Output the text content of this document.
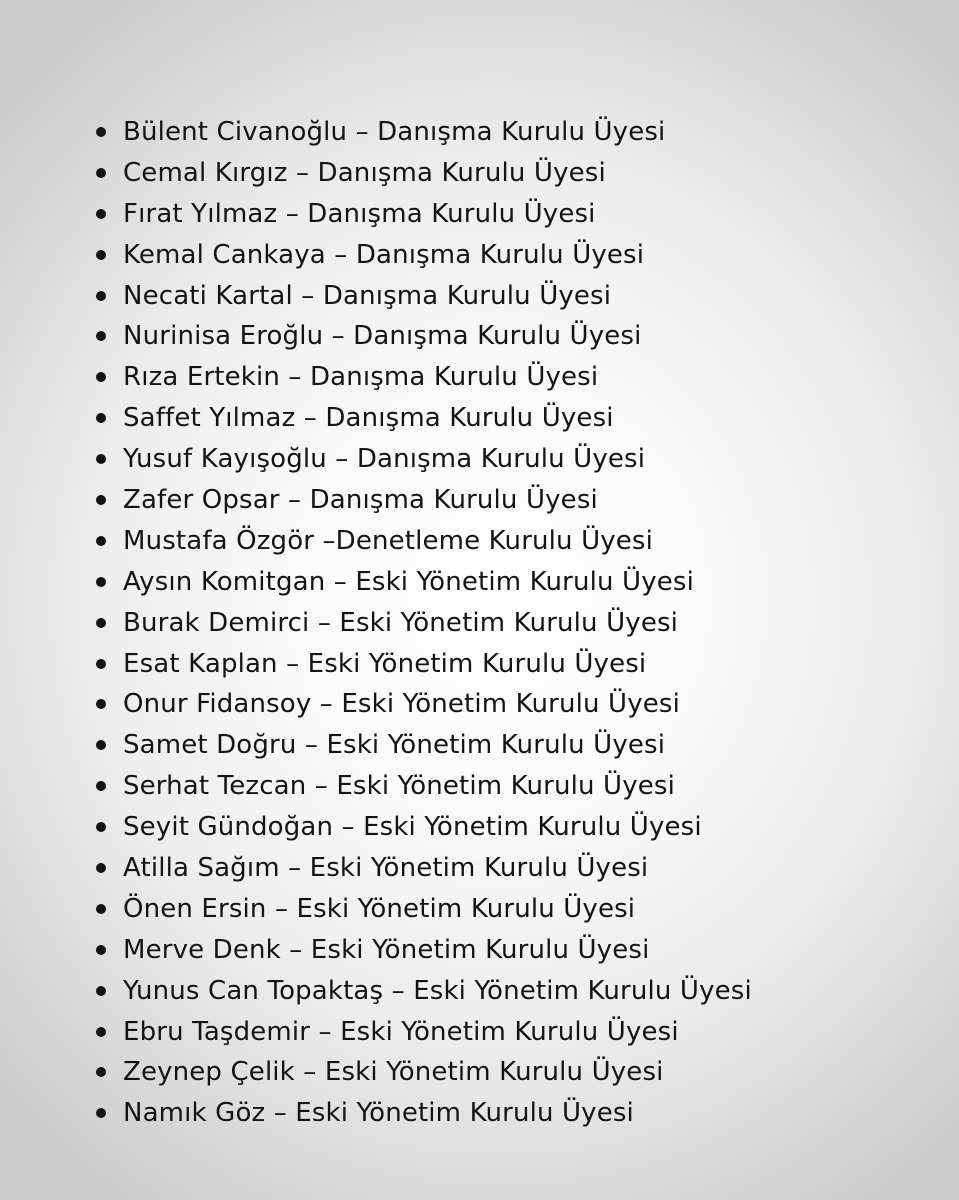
Bülent Civanoğlu – Danışma Kurulu Üyesi
Cemal Kırgız – Danışma Kurulu Üyesi
Fırat Yılmaz – Danışma Kurulu Üyesi
Kemal Cankaya – Danışma Kurulu Üyesi
Necati Kartal – Danışma Kurulu Üyesi
Nurinisa Eroğlu – Danışma Kurulu Üyesi
Rıza Ertekin – Danışma Kurulu Üyesi
Saffet Yılmaz – Danışma Kurulu Üyesi
Yusuf Kayışoğlu – Danışma Kurulu Üyesi
Zafer Opsar – Danışma Kurulu Üyesi
Mustafa Özgör –Denetleme Kurulu Üyesi
Aysın Komitgan – Eski Yönetim Kurulu Üyesi
Burak Demirci – Eski Yönetim Kurulu Üyesi
Esat Kaplan – Eski Yönetim Kurulu Üyesi
Onur Fidansoy – Eski Yönetim Kurulu Üyesi
Samet Doğru – Eski Yönetim Kurulu Üyesi
Serhat Tezcan – Eski Yönetim Kurulu Üyesi
Seyit Gündoğan – Eski Yönetim Kurulu Üyesi
Atilla Sağım – Eski Yönetim Kurulu Üyesi
Önen Ersin – Eski Yönetim Kurulu Üyesi
Merve Denk – Eski Yönetim Kurulu Üyesi
Yunus Can Topaktaş – Eski Yönetim Kurulu Üyesi
Ebru Taşdemir – Eski Yönetim Kurulu Üyesi
Zeynep Çelik – Eski Yönetim Kurulu Üyesi
Namık Göz – Eski Yönetim Kurulu Üyesi
